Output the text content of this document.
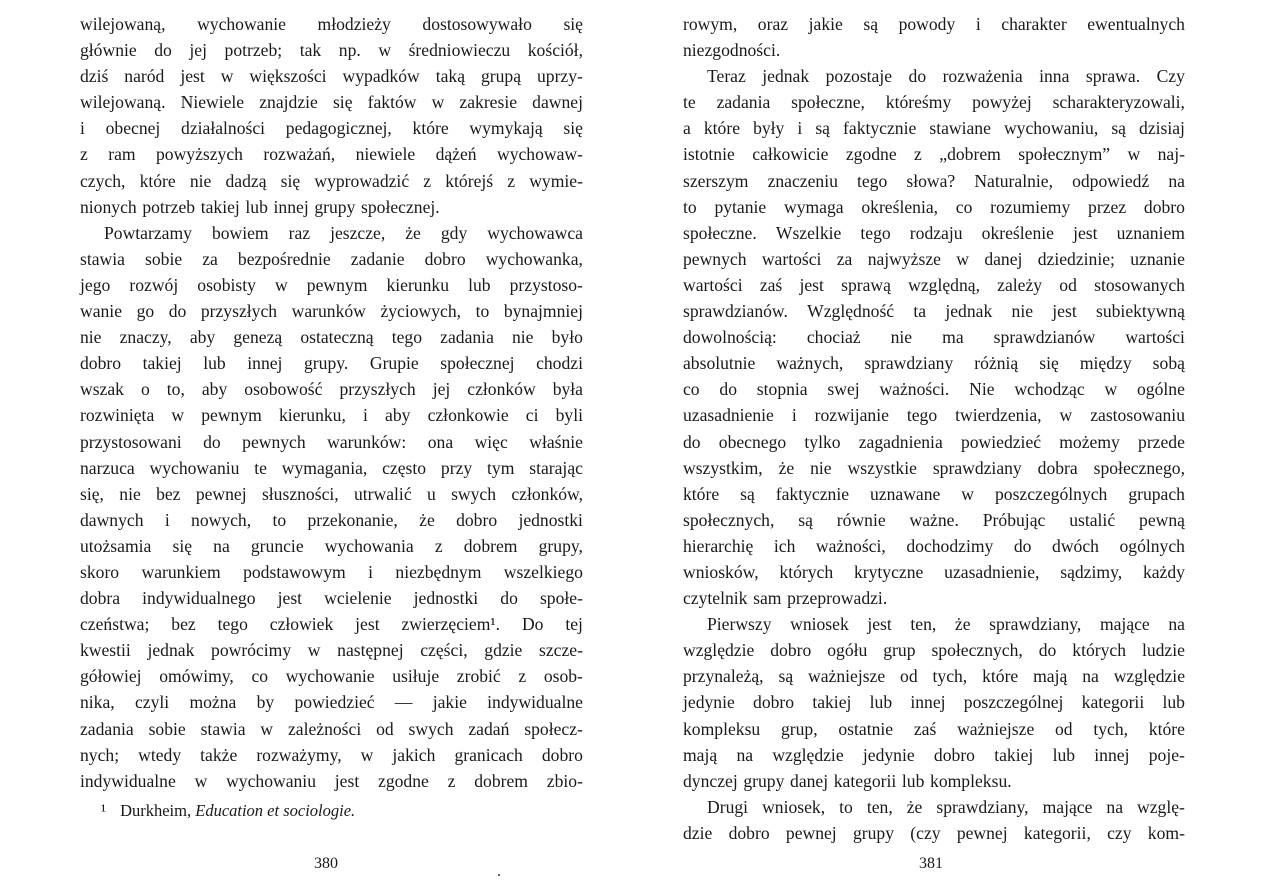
wilejowaną, wychowanie młodzieży dostosowywało się
głównie do jej potrzeb; tak np. w średniowieczu kościół,
dziś naród jest w większości wypadków taką grupą uprzy-
wilejowaną. Niewiele znajdzie się faktów w zakresie dawnej
i obecnej działalności pedagogicznej, które wymykają się
z ram powyższych rozważań, niewiele dążeń wychowaw-
czych, które nie dadzą się wyprowadzić z którejś z wymie-
nionych potrzeb takiej lub innej grupy społecznej.
Powtarzamy bowiem raz jeszcze, że gdy wychowawca
stawia sobie za bezpośrednie zadanie dobro wychowanka,
jego rozwój osobisty w pewnym kierunku lub przystoso-
wanie go do przyszłych warunków życiowych, to bynajmniej
nie znaczy, aby genezą ostateczną tego zadania nie było
dobro takiej lub innej grupy. Grupie społecznej chodzi
wszak o to, aby osobowość przyszłych jej członków była
rozwinięta w pewnym kierunku, i aby członkowie ci byli
przystosowani do pewnych warunków: ona więc właśnie
narzuca wychowaniu te wymagania, często przy tym starając
się, nie bez pewnej słuszności, utrwalić u swych członków,
dawnych i nowych, to przekonanie, że dobro jednostki
utożsamia się na gruncie wychowania z dobrem grupy,
skoro warunkiem podstawowym i niezbędnym wszelkiego
dobra indywidualnego jest wcielenie jednostki do społe-
czeństwa; bez tego człowiek jest zwierzęciem¹. Do tej
kwestii jednak powrócimy w następnej części, gdzie szcze-
gółowiej omówimy, co wychowanie usiłuje zrobić z osob-
nika, czyli można by powiedzieć — jakie indywidualne
zadania sobie stawia w zależności od swych zadań społecz-
nych; wtedy także rozważymy, w jakich granicach dobro
indywidualne w wychowaniu jest zgodne z dobrem zbio-
¹ Durkheim, Education et sociologie.
380
rowym, oraz jakie są powody i charakter ewentualnych
niezgodności.
Teraz jednak pozostaje do rozważenia inna sprawa. Czy
te zadania społeczne, któreśmy powyżej scharakteryzowali,
a które były i są faktycznie stawiane wychowaniu, są dzisiaj
istotnie całkowicie zgodne z „dobrem społecznym” w naj-
szerszym znaczeniu tego słowa? Naturalnie, odpowiedź na
to pytanie wymaga określenia, co rozumiemy przez dobro
społeczne. Wszelkie tego rodzaju określenie jest uznaniem
pewnych wartości za najwyższe w danej dziedzinie; uznanie
wartości zaś jest sprawą względną, zależy od stosowanych
sprawdzianów. Względność ta jednak nie jest subiektywną
dowolnością: chociaż nie ma sprawdzianów wartości
absolutnie ważnych, sprawdziany różnią się między sobą
co do stopnia swej ważności. Nie wchodząc w ogólne
uzasadnienie i rozwijanie tego twierdzenia, w zastosowaniu
do obecnego tylko zagadnienia powiedzieć możemy przede
wszystkim, że nie wszystkie sprawdziany dobra społecznego,
które są faktycznie uznawane w poszczególnych grupach
społecznych, są równie ważne. Próbując ustalić pewną
hierarchię ich ważności, dochodzimy do dwóch ogólnych
wniosków, których krytyczne uzasadnienie, sądzimy, każdy
czytelnik sam przeprowadzi.
Pierwszy wniosek jest ten, że sprawdziany, mające na
względzie dobro ogółu grup społecznych, do których ludzie
przynależą, są ważniejsze od tych, które mają na względzie
jedynie dobro takiej lub innej poszczególnej kategorii lub
kompleksu grup, ostatnie zaś ważniejsze od tych, które
mają na względzie jedynie dobro takiej lub innej poje-
dynczej grupy danej kategorii lub kompleksu.
Drugi wniosek, to ten, że sprawdziany, mające na wzglę-
dzie dobro pewnej grupy (czy pewnej kategorii, czy kom-
381
